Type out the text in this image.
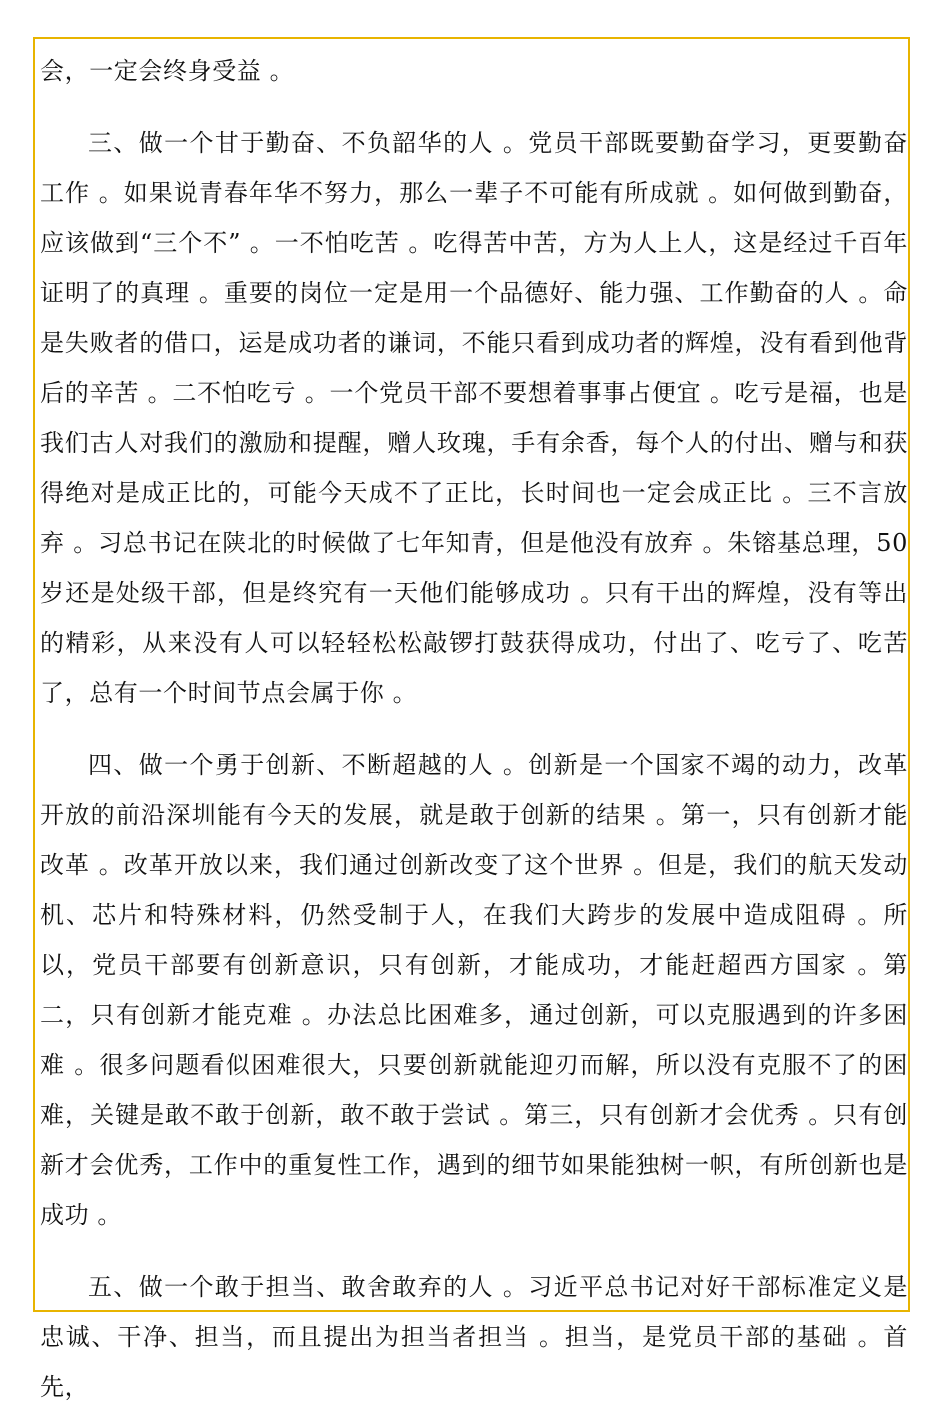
会，一定会终身受益 。

三、做一个甘于勤奋、不负韶华的人 。党员干部既要勤奋学习，更要勤奋工作 。如果说青春年华不努力，那么一辈子不可能有所成就 。如何做到勤奋，应该做到“三个不” 。一不怕吃苦 。吃得苦中苦，方为人上人，这是经过千百年证明了的真理 。重要的岗位一定是用一个品德好、能力强、工作勤奋的人 。命是失败者的借口，运是成功者的谦词，不能只看到成功者的辉煌，没有看到他背后的辛苦 。二不怕吃亏 。一个党员干部不要想着事事占便宜 。吃亏是福，也是我们古人对我们的激励和提醒，赠人玫瑰，手有余香，每个人的付出、赠与和获得绝对是成正比的，可能今天成不了正比，长时间也一定会成正比 。三不言放弃 。习总书记在陕北的时候做了七年知青，但是他没有放弃 。朱镕基总理，50岁还是处级干部，但是终究有一天他们能够成功 。只有干出的辉煌，没有等出的精彩，从来没有人可以轻轻松松敲锣打鼓获得成功，付出了、吃亏了、吃苦了，总有一个时间节点会属于你 。

四、做一个勇于创新、不断超越的人 。创新是一个国家不竭的动力，改革开放的前沿深圳能有今天的发展，就是敢于创新的结果 。第一，只有创新才能改革 。改革开放以来，我们通过创新改变了这个世界 。但是，我们的航天发动机、芯片和特殊材料，仍然受制于人，在我们大跨步的发展中造成阻碍 。所以，党员干部要有创新意识，只有创新，才能成功，才能赶超西方国家 。第二，只有创新才能克难 。办法总比困难多，通过创新，可以克服遇到的许多困难 。很多问题看似困难很大，只要创新就能迎刃而解，所以没有克服不了的困难，关键是敢不敢于创新，敢不敢于尝试 。第三，只有创新才会优秀 。只有创新才会优秀，工作中的重复性工作，遇到的细节如果能独树一帜，有所创新也是成功 。

五、做一个敢于担当、敢舍敢弃的人 。习近平总书记对好干部标准定义是忠诚、干净、担当，而且提出为担当者担当 。担当，是党员干部的基础 。首先，
